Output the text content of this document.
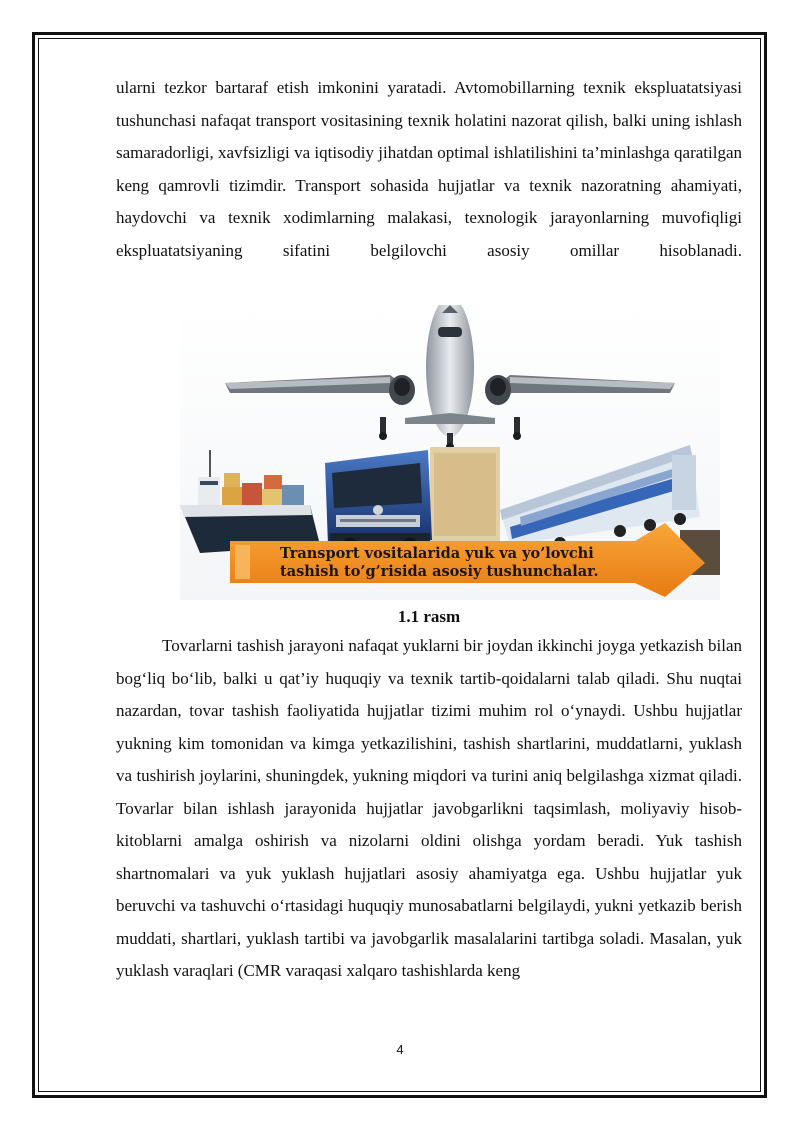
ularni tezkor bartaraf etish imkonini yaratadi. Avtomobillarning texnik ekspluatatsiyasi tushunchasi nafaqat transport vositasining texnik holatini nazorat qilish, balki uning ishlash samaradorligi, xavfsizligi va iqtisodiy jihatdan optimal ishlatilishini ta’minlashga qaratilgan keng qamrovli tizimdir. Transport sohasida hujjatlar va texnik nazoratning ahamiyati, haydovchi va texnik xodimlarning malakasi, texnologik jarayonlarning muvofiqligi ekspluatatsiyaning sifatini belgilovchi asosiy omillar hisoblanadi.
Transport vositalarida yuk va yo’lovchi
tashish to’g’risida asosiy tushunchalar.
1.1 rasm
Tovarlarni tashish jarayoni nafaqat yuklarni bir joydan ikkinchi joyga yetkazish bilan bog‘liq bo‘lib, balki u qat’iy huquqiy va texnik tartib-qoidalarni talab qiladi. Shu nuqtai nazardan, tovar tashish faoliyatida hujjatlar tizimi muhim rol o‘ynaydi. Ushbu hujjatlar yukning kim tomonidan va kimga yetkazilishini, tashish shartlarini, muddatlarni, yuklash va tushirish joylarini, shuningdek, yukning miqdori va turini aniq belgilashga xizmat qiladi. Tovarlar bilan ishlash jarayonida hujjatlar javobgarlikni taqsimlash, moliyaviy hisob-kitoblarni amalga oshirish va nizolarni oldini olishga yordam beradi. Yuk tashish shartnomalari va yuk yuklash hujjatlari asosiy ahamiyatga ega. Ushbu hujjatlar yuk beruvchi va tashuvchi o‘rtasidagi huquqiy munosabatlarni belgilaydi, yukni yetkazib berish muddati, shartlari, yuklash tartibi va javobgarlik masalalarini tartibga soladi. Masalan, yuk yuklash varaqlari (CMR varaqasi xalqaro tashishlarda keng
4
